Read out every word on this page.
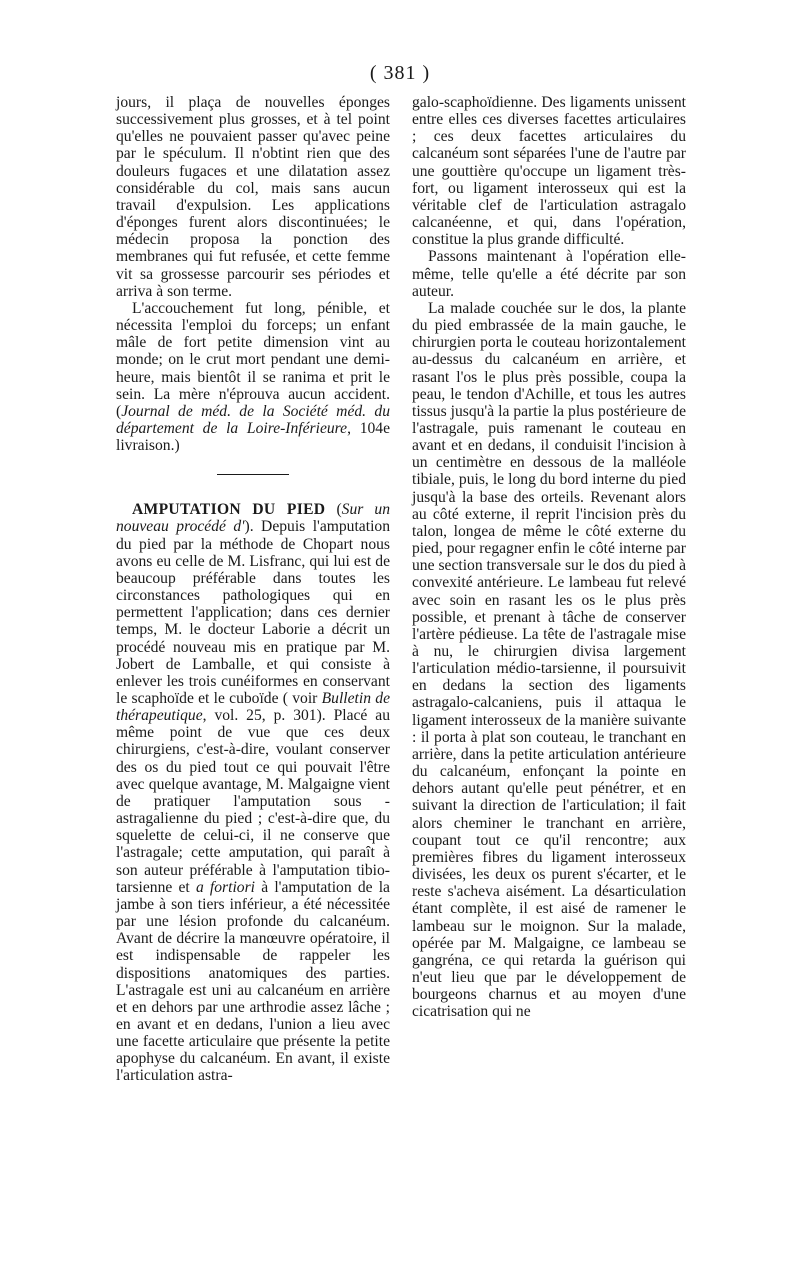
( 381 )

jours, il plaça de nouvelles éponges successivement plus grosses, et à tel point qu'elles ne pouvaient passer qu'avec peine par le spéculum. Il n'obtint rien que des douleurs fugaces et une dilatation assez considérable du col, mais sans aucun travail d'expulsion. Les applications d'éponges furent alors discontinuées; le médecin proposa la ponction des membranes qui fut refusée, et cette femme vit sa grossesse parcourir ses périodes et arriva à son terme.

L'accouchement fut long, pénible, et nécessita l'emploi du forceps; un enfant mâle de fort petite dimension vint au monde; on le crut mort pendant une demi-heure, mais bientôt il se ranima et prit le sein. La mère n'éprouva aucun accident. (Journal de méd. de la Société méd. du département de la Loire-Inférieure, 104e livraison.)

AMPUTATION DU PIED (Sur un nouveau procédé d'). Depuis l'amputation du pied par la méthode de Chopart nous avons eu celle de M. Lisfranc, qui lui est de beaucoup préférable dans toutes les circonstances pathologiques qui en permettent l'application; dans ces dernier temps, M. le docteur Laborie a décrit un procédé nouveau mis en pratique par M. Jobert de Lamballe, et qui consiste à enlever les trois cunéiformes en conservant le scaphoïde et le cuboïde ( voir Bulletin de thérapeutique, vol. 25, p. 301). Placé au même point de vue que ces deux chirurgiens, c'est-à-dire, voulant conserver des os du pied tout ce qui pouvait l'être avec quelque avantage, M. Malgaigne vient de pratiquer l'amputation sous - astragalienne du pied ; c'est-à-dire que, du squelette de celui-ci, il ne conserve que l'astragale; cette amputation, qui paraît à son auteur préférable à l'amputation tibio-tarsienne et a fortiori à l'amputation de la jambe à son tiers inférieur, a été nécessitée par une lésion profonde du calcanéum. Avant de décrire la manœuvre opératoire, il est indispensable de rappeler les dispositions anatomiques des parties. L'astragale est uni au calcanéum en arrière et en dehors par une arthrodie assez lâche ; en avant et en dedans, l'union a lieu avec une facette articulaire que présente la petite apophyse du calcanéum. En avant, il existe l'articulation astra-

galo-scaphoïdienne. Des ligaments unissent entre elles ces diverses facettes articulaires ; ces deux facettes articulaires du calcanéum sont séparées l'une de l'autre par une gouttière qu'occupe un ligament très-fort, ou ligament interosseux qui est la véritable clef de l'articulation astragalo calcanéenne, et qui, dans l'opération, constitue la plus grande difficulté.

Passons maintenant à l'opération elle-même, telle qu'elle a été décrite par son auteur.

La malade couchée sur le dos, la plante du pied embrassée de la main gauche, le chirurgien porta le couteau horizontalement au-dessus du calcanéum en arrière, et rasant l'os le plus près possible, coupa la peau, le tendon d'Achille, et tous les autres tissus jusqu'à la partie la plus postérieure de l'astragale, puis ramenant le couteau en avant et en dedans, il conduisit l'incision à un centimètre en dessous de la malléole tibiale, puis, le long du bord interne du pied jusqu'à la base des orteils. Revenant alors au côté externe, il reprit l'incision près du talon, longea de même le côté externe du pied, pour regagner enfin le côté interne par une section transversale sur le dos du pied à convexité antérieure. Le lambeau fut relevé avec soin en rasant les os le plus près possible, et prenant à tâche de conserver l'artère pédieuse. La tête de l'astragale mise à nu, le chirurgien divisa largement l'articulation médio-tarsienne, il poursuivit en dedans la section des ligaments astragalo-calcaniens, puis il attaqua le ligament interosseux de la manière suivante : il porta à plat son couteau, le tranchant en arrière, dans la petite articulation antérieure du calcanéum, enfonçant la pointe en dehors autant qu'elle peut pénétrer, et en suivant la direction de l'articulation; il fait alors cheminer le tranchant en arrière, coupant tout ce qu'il rencontre; aux premières fibres du ligament interosseux divisées, les deux os purent s'écarter, et le reste s'acheva aisément. La désarticulation étant complète, il est aisé de ramener le lambeau sur le moignon. Sur la malade, opérée par M. Malgaigne, ce lambeau se gangréna, ce qui retarda la guérison qui n'eut lieu que par le développement de bourgeons charnus et au moyen d'une cicatrisation qui ne
